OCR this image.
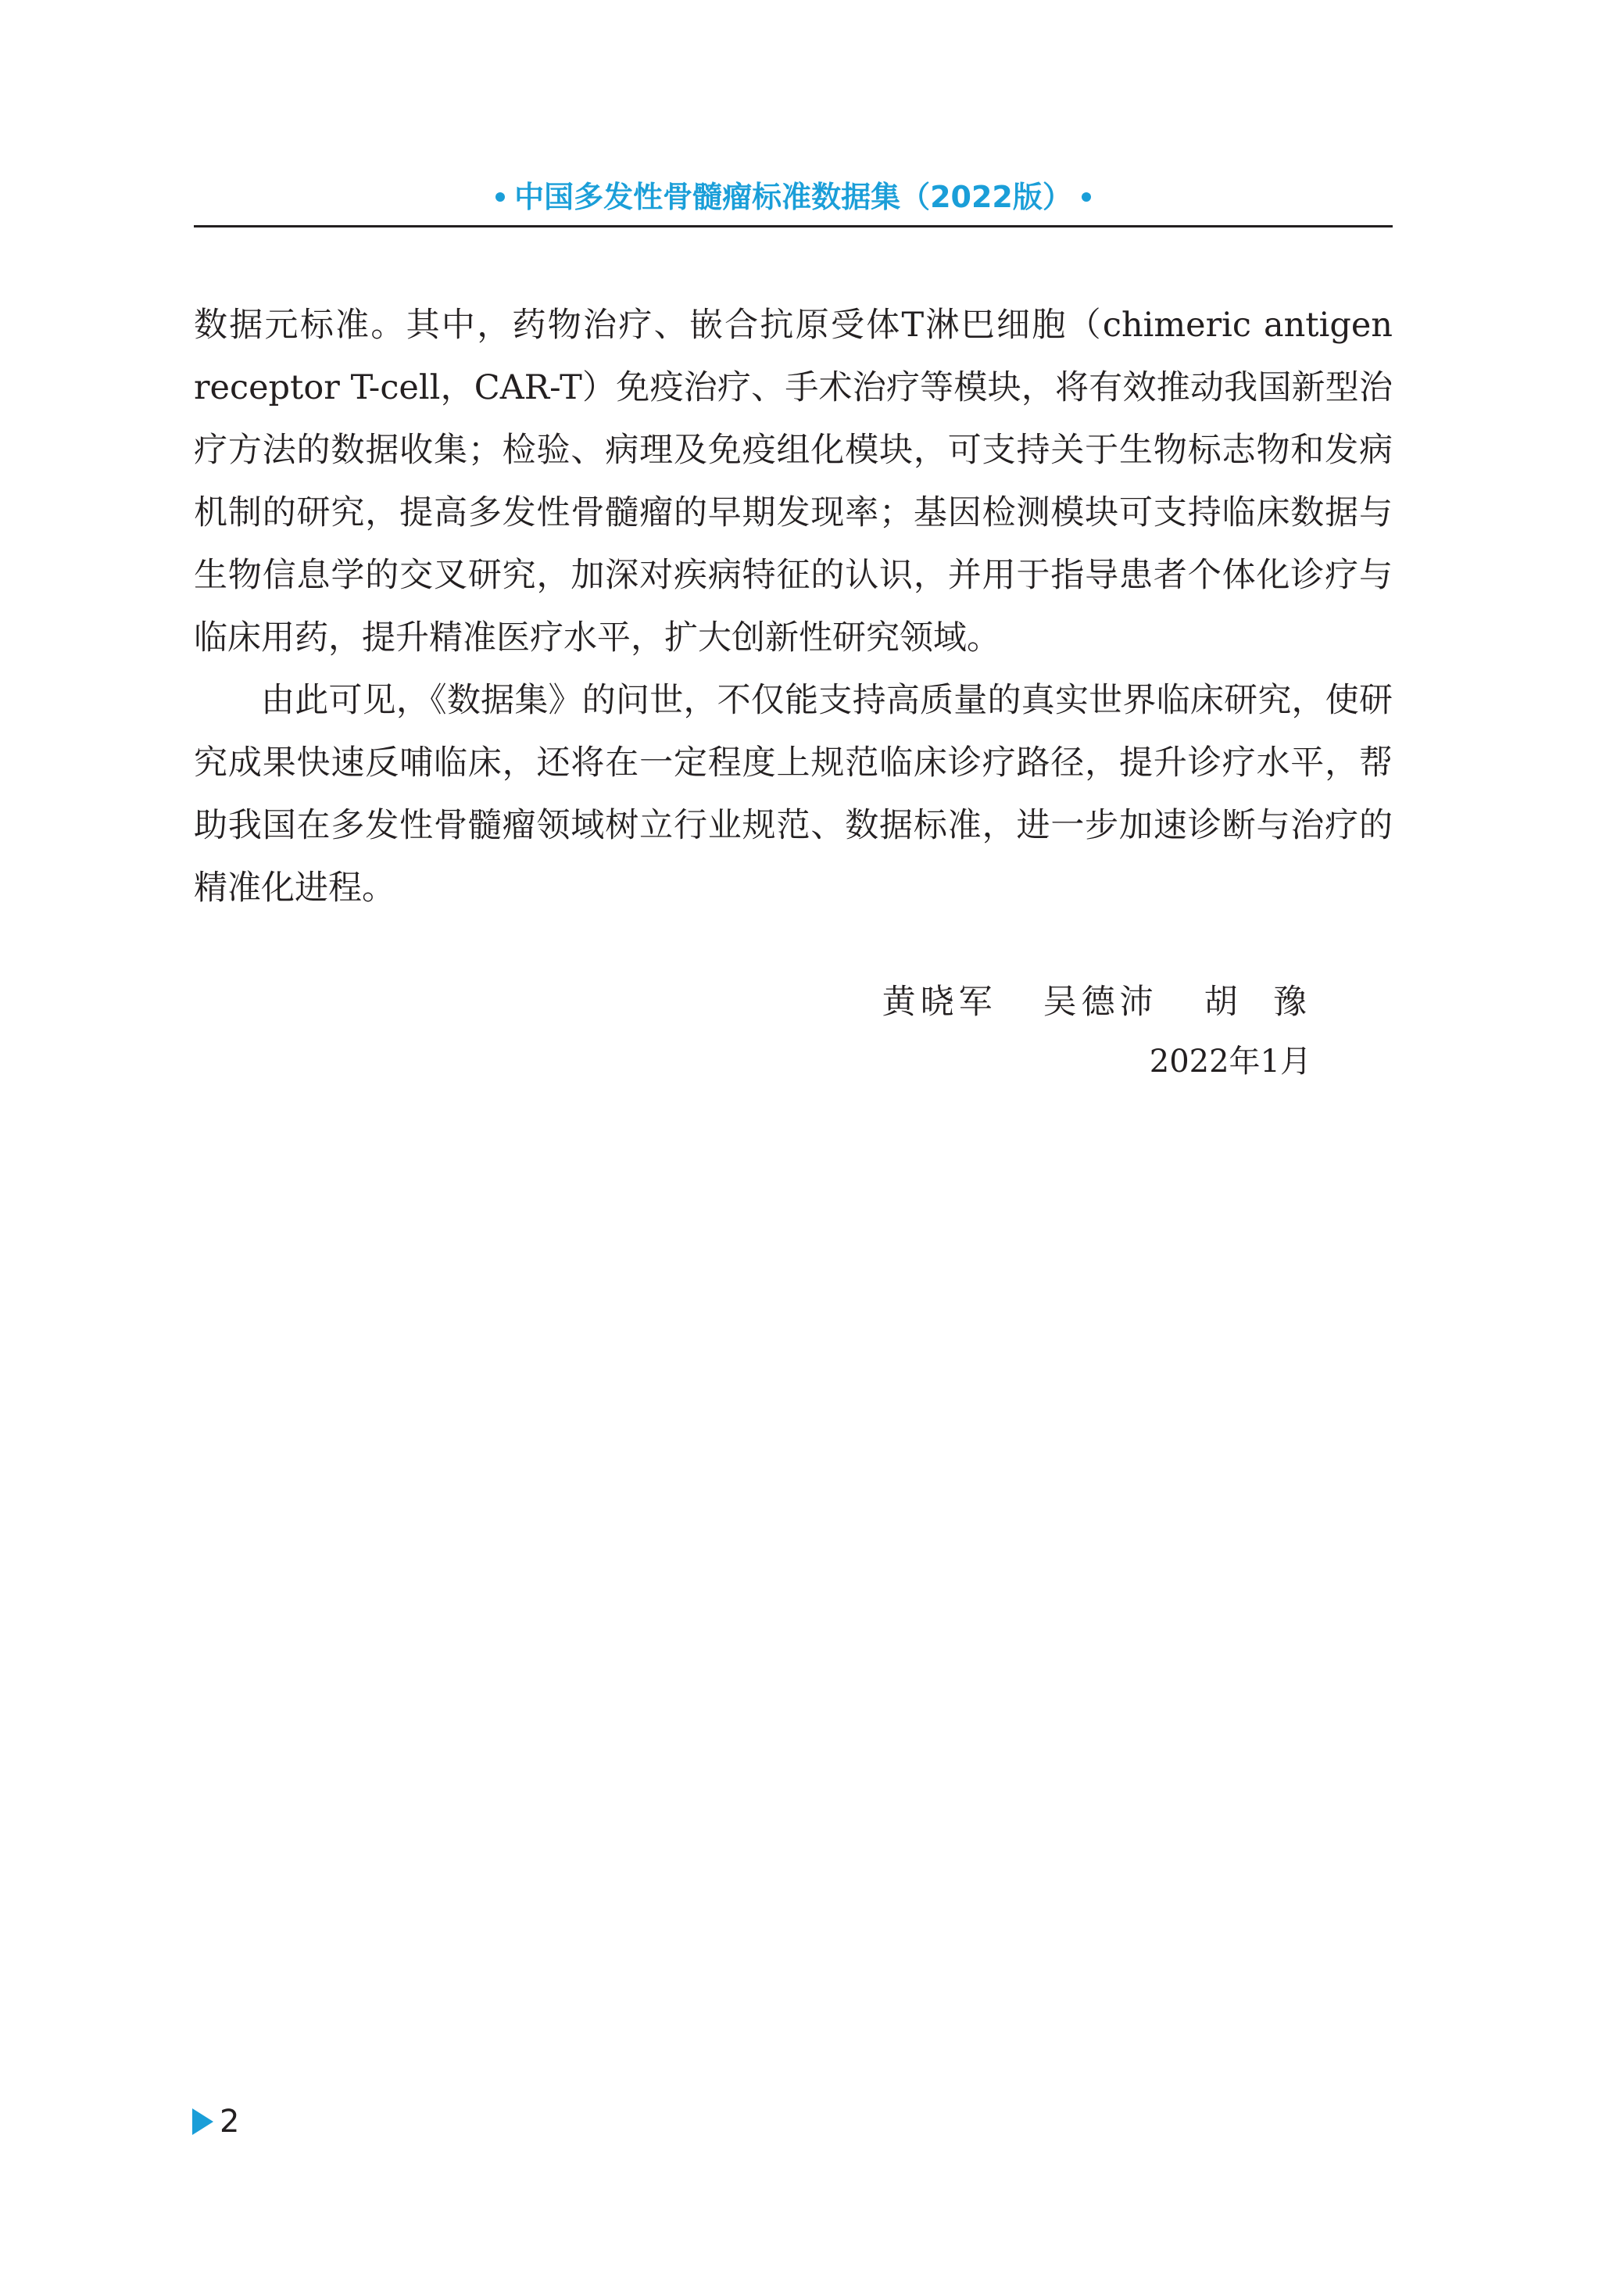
中国多发性骨髓瘤标准数据集（2022版）

数据元标准。其中，药物治疗、嵌合抗原受体T淋巴细胞（chimeric antigen receptor T-cell，CAR-T）免疫治疗、手术治疗等模块，将有效推动我国新型治疗方法的数据收集；检验、病理及免疫组化模块，可支持关于生物标志物和发病机制的研究，提高多发性骨髓瘤的早期发现率；基因检测模块可支持临床数据与生物信息学的交叉研究，加深对疾病特征的认识，并用于指导患者个体化诊疗与临床用药，提升精准医疗水平，扩大创新性研究领域。

由此可见，《数据集》的问世，不仅能支持高质量的真实世界临床研究，使研究成果快速反哺临床，还将在一定程度上规范临床诊疗路径，提升诊疗水平，帮助我国在多发性骨髓瘤领域树立行业规范、数据标准，进一步加速诊断与治疗的精准化进程。

黄晓军   吴德沛   胡  豫
2022年1月
2
